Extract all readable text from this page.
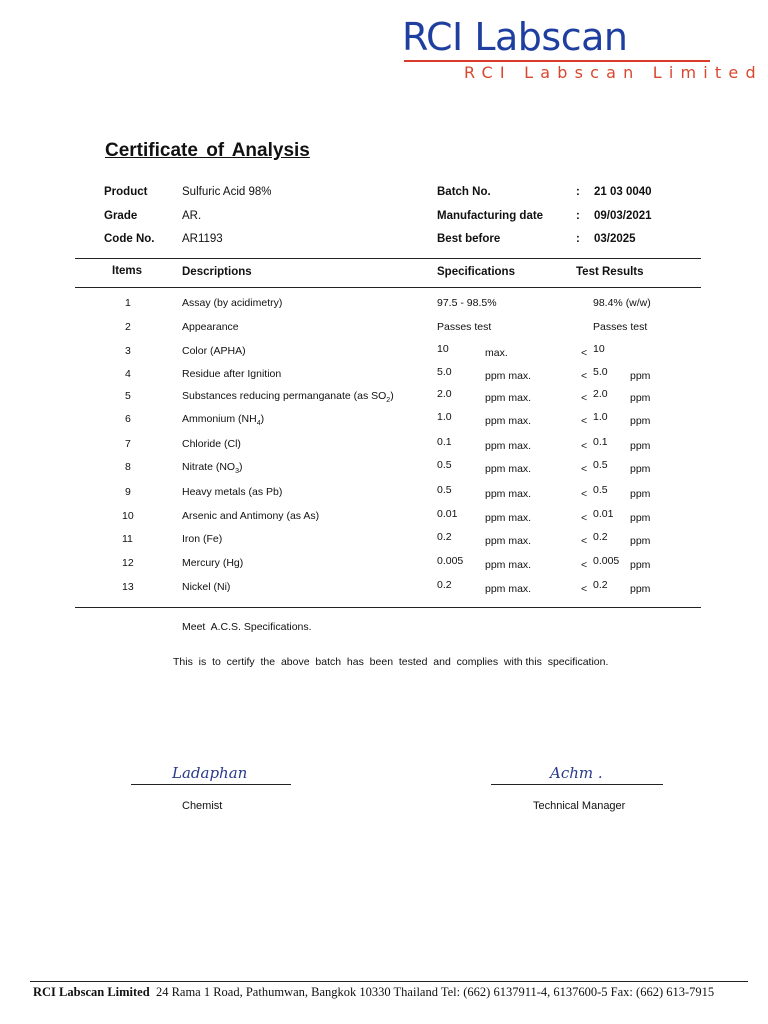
RCI Labscan
RCI Labscan Limited
Certificate of Analysis
Product	Sulfuric Acid 98%
Grade	AR.
Code No. AR1193
Batch No.	: 21 03 0040
Manufacturing date	: 09/03/2021
Best before	: 03/2025
Items	Descriptions	Specifications	Test Results
1	Assay (by acidimetry)	97.5 - 98.5%	98.4% (w/w)
2	Appearance	Passes test	Passes test
3	Color (APHA)	10	max.	< 10
4	Residue after Ignition	5.0	ppm max.	< 5.0 ppm
5	Substances reducing permanganate (as $SO_2$)	2.0	ppm max.	< 2.0 ppm
6	Ammonium $(NH_4)$	1.0	ppm max.	< 1.0 ppm
7	Chloride (Cl)	0.1	ppm max.	< 0.1 ppm
8	Nitrate $(NO_3)$	0.5	ppm max.	< 0.5 ppm
9	Heavy metals (as Pb)	0.5	ppm max.	< 0.5 ppm
10	Arsenic and Antimony (as As)	0.01	ppm max.	< 0.01 ppm
11	Iron (Fe)	0.2	ppm max.	< 0.2 ppm
12	Mercury (Hg)	0.005 ppm max.	< 0.005 ppm
13	Nickel (Ni)	0.2	ppm max.	< 0.2 ppm
Meet  A.C.S. Specifications.
This  is  to  certify  the  above  batch  has  been  tested  and  complies  with this  specification.
Ladaphan
Chemist
Achm .
Technical Manager
RCI Labscan Limited 24 Rama 1 Road, Pathumwan, Bangkok 10330 Thailand Tel: (662) 6137911-4, 6137600-5 Fax: (662) 613-7915
